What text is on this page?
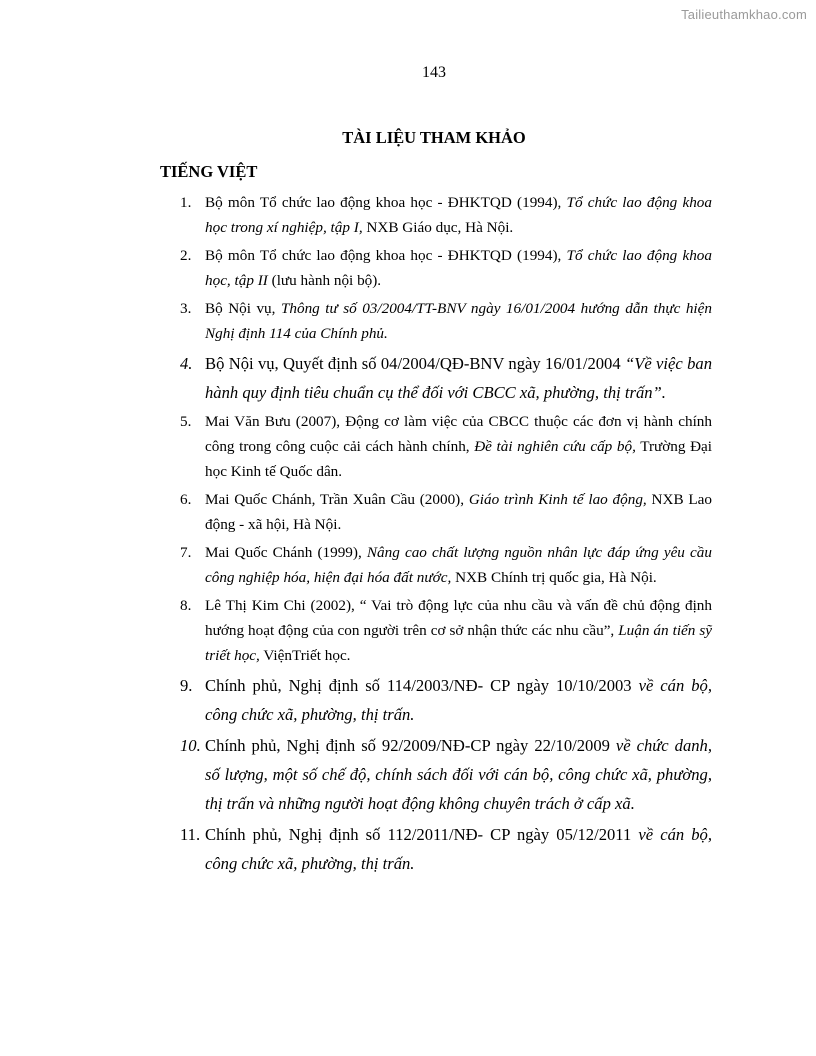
Tailieuthamkhao.com
143
TÀI LIỆU THAM KHẢO
TIẾNG VIỆT
1. Bộ môn Tổ chức lao động khoa học - ĐHKTQD (1994), Tổ chức lao động khoa học trong xí nghiệp, tập I, NXB Giáo dục, Hà Nội.
2. Bộ môn Tổ chức lao động khoa học - ĐHKTQD (1994), Tổ chức lao động khoa học, tập II (lưu hành nội bộ).
3. Bộ Nội vụ, Thông tư số 03/2004/TT-BNV ngày 16/01/2004 hướng dẫn thực hiện Nghị định 114 của Chính phủ.
4. Bộ Nội vụ, Quyết định số 04/2004/QĐ-BNV ngày 16/01/2004 “Về việc ban hành quy định tiêu chuẩn cụ thể đối với CBCC xã, phường, thị trấn”.
5. Mai Văn Bưu (2007), Động cơ làm việc của CBCC thuộc các đơn vị hành chính công trong công cuộc cải cách hành chính, Đề tài nghiên cứu cấp bộ, Trường Đại học Kinh tế Quốc dân.
6. Mai Quốc Chánh, Trần Xuân Cầu (2000), Giáo trình Kinh tế lao động, NXB Lao động - xã hội, Hà Nội.
7. Mai Quốc Chánh (1999), Nâng cao chất lượng nguồn nhân lực đáp ứng yêu cầu công nghiệp hóa, hiện đại hóa đất nước, NXB Chính trị quốc gia, Hà Nội.
8. Lê Thị Kim Chi (2002), “ Vai trò động lực của nhu cầu và vấn đề chủ động định hướng hoạt động của con người trên cơ sở nhận thức các nhu cầu”, Luận án tiến sỹ triết học, ViệnTriết học.
9. Chính phủ, Nghị định số 114/2003/NĐ- CP ngày 10/10/2003 về cán bộ, công chức xã, phường, thị trấn.
10. Chính phủ, Nghị định số 92/2009/NĐ-CP ngày 22/10/2009 về chức danh, số lượng, một số chế độ, chính sách đối với cán bộ, công chức xã, phường, thị trấn và những người hoạt động không chuyên trách ở cấp xã.
11. Chính phủ, Nghị định số 112/2011/NĐ- CP ngày 05/12/2011 về cán bộ, công chức xã, phường, thị trấn.
